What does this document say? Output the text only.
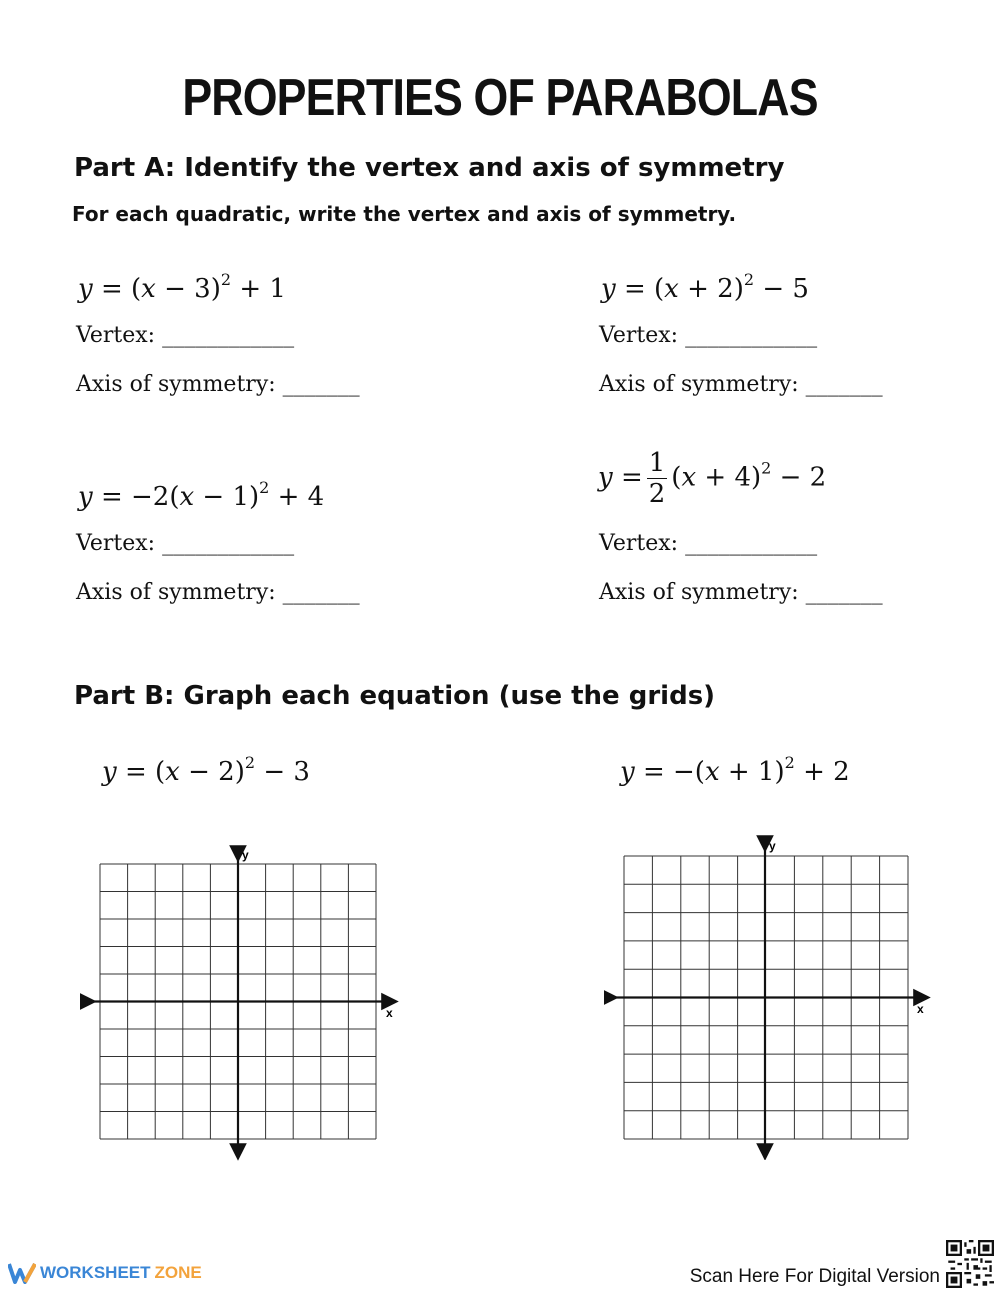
PROPERTIES OF PARABOLAS
Part A: Identify the vertex and axis of symmetry
For each quadratic, write the vertex and axis of symmetry.
$y = (x - 3)^2 + 1$
Vertex: ____________
Axis of symmetry: _______
$y = (x + 2)^2 - 5$
Vertex: ____________
Axis of symmetry: _______
$y = -2(x - 1)^2 + 4$
Vertex: ____________
Axis of symmetry: _______
$y = \frac{1}{2} (x + 4)^2 - 2$
Vertex: ____________
Axis of symmetry: _______
Part B: Graph each equation (use the grids)
$y = (x - 2)^2 - 3$	$y = -(x + 1)^2 + 2$
y
x
y
x
WORKSHEET ZONE	Scan Here For Digital Version
